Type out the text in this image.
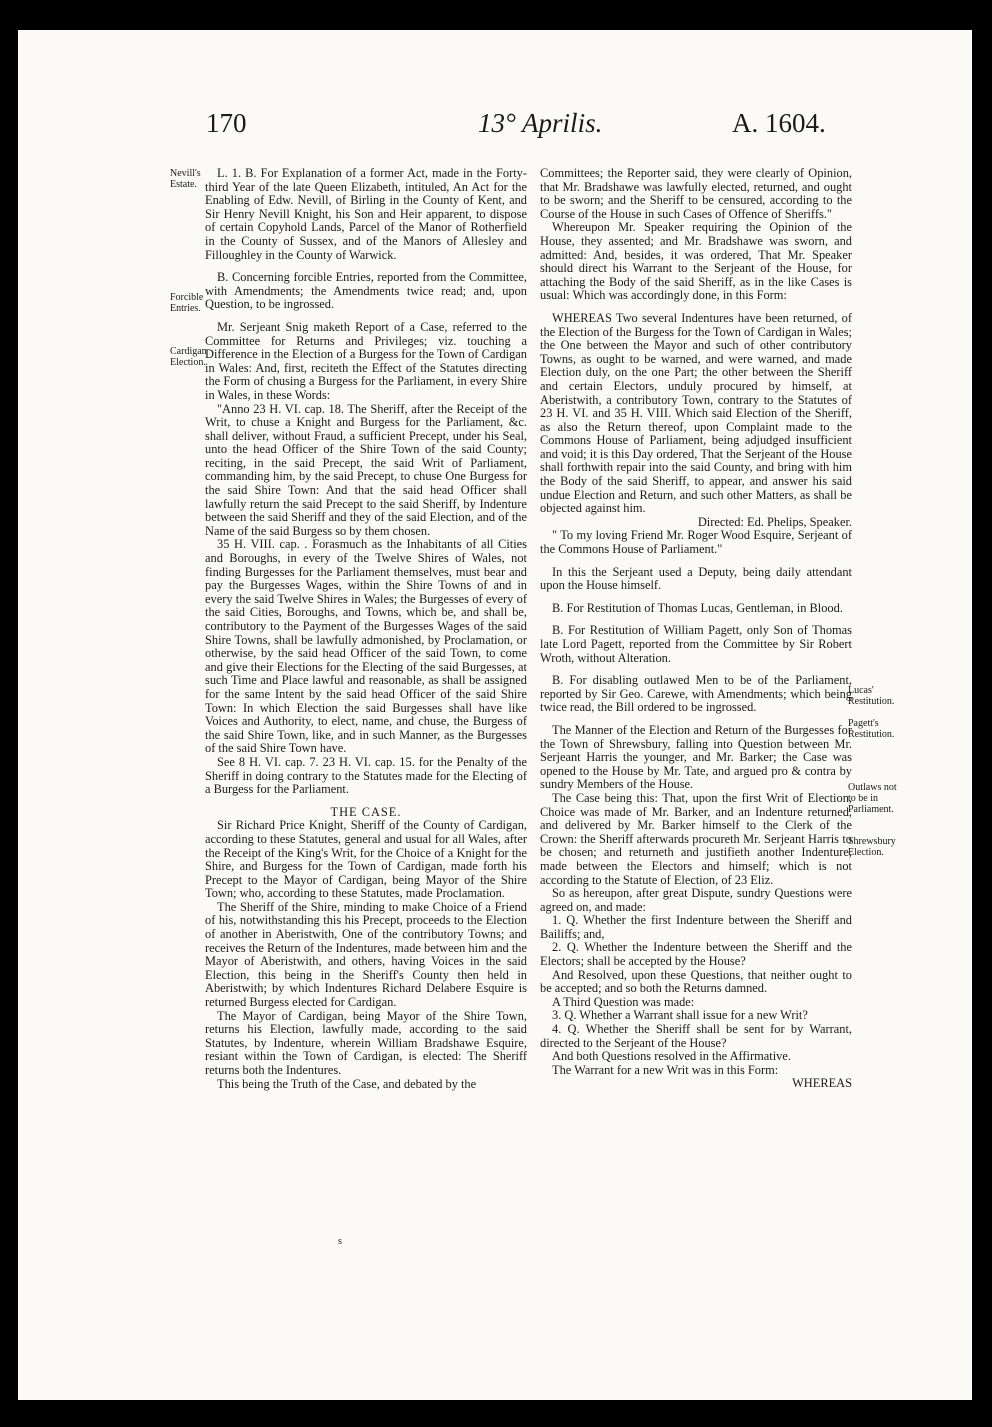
170	13° Aprilis.	A. 1604.
Nevill's Estate.
Forcible Entries.
Cardigan Election.
Lucas' Restitution.
Pagett's Restitution.
Outlaws not to be in Parliament.
Shrewsbury Election.

L. 1. B. For Explanation of a former Act, made in the Forty-third Year of the late Queen Elizabeth, intituled, An Act for the Enabling of Edw. Nevill, of Birling in the County of Kent, and Sir Henry Nevill Knight, his Son and Heir apparent, to dispose of certain Copyhold Lands, Parcel of the Manor of Rotherfield in the County of Sussex, and of the Manors of Allesley and Filloughley in the County of Warwick.

B. Concerning forcible Entries, reported from the Committee, with Amendments; the Amendments twice read; and, upon Question, to be ingrossed.

Mr. Serjeant Snig maketh Report of a Case, referred to the Committee for Returns and Privileges; viz. touching a Difference in the Election of a Burgess for the Town of Cardigan in Wales: And, first, reciteth the Effect of the Statutes directing the Form of chusing a Burgess for the Parliament, in every Shire in Wales, in these Words:

"Anno 23 H. VI. cap. 18. The Sheriff, after the Receipt of the Writ, to chuse a Knight and Burgess for the Parliament, &c. shall deliver, without Fraud, a sufficient Precept, under his Seal, unto the head Officer of the Shire Town of the said County; reciting, in the said Precept, the said Writ of Parliament, commanding him, by the said Precept, to chuse One Burgess for the said Shire Town: And that the said head Officer shall lawfully return the said Precept to the said Sheriff, by Indenture between the said Sheriff and they of the said Election, and of the Name of the said Burgess so by them chosen.

35 H. VIII. cap. . Forasmuch as the Inhabitants of all Cities and Boroughs, in every of the Twelve Shires of Wales, not finding Burgesses for the Parliament themselves, must bear and pay the Burgesses Wages, within the Shire Towns of and in every the said Twelve Shires in Wales; the Burgesses of every of the said Cities, Boroughs, and Towns, which be, and shall be, contributory to the Payment of the Burgesses Wages of the said Shire Towns, shall be lawfully admonished, by Proclamation, or otherwise, by the said head Officer of the said Town, to come and give their Elections for the Electing of the said Burgesses, at such Time and Place lawful and reasonable, as shall be assigned for the same Intent by the said head Officer of the said Shire Town: In which Election the said Burgesses shall have like Voices and Authority, to elect, name, and chuse, the Burgess of the said Shire Town, like, and in such Manner, as the Burgesses of the said Shire Town have.

See 8 H. VI. cap. 7. 23 H. VI. cap. 15. for the Penalty of the Sheriff in doing contrary to the Statutes made for the Electing of a Burgess for the Parliament.

THE CASE.

Sir Richard Price Knight, Sheriff of the County of Cardigan, according to these Statutes, general and usual for all Wales, after the Receipt of the King's Writ, for the Choice of a Knight for the Shire, and Burgess for the Town of Cardigan, made forth his Precept to the Mayor of Cardigan, being Mayor of the Shire Town; who, according to these Statutes, made Proclamation.

The Sheriff of the Shire, minding to make Choice of a Friend of his, notwithstanding this his Precept, proceeds to the Election of another in Aberistwith, One of the contributory Towns; and receives the Return of the Indentures, made between him and the Mayor of Aberistwith, and others, having Voices in the said Election, this being in the Sheriff's County then held in Aberistwith; by which Indentures Richard Delabere Esquire is returned Burgess elected for Cardigan.

The Mayor of Cardigan, being Mayor of the Shire Town, returns his Election, lawfully made, according to the said Statutes, by Indenture, wherein William Bradshawe Esquire, resiant within the Town of Cardigan, is elected: The Sheriff returns both the Indentures.

This being the Truth of the Case, and debated by the

Committees; the Reporter said, they were clearly of Opinion, that Mr. Bradshawe was lawfully elected, returned, and ought to be sworn; and the Sheriff to be censured, according to the Course of the House in such Cases of Offence of Sheriffs."

Whereupon Mr. Speaker requiring the Opinion of the House, they assented; and Mr. Bradshawe was sworn, and admitted: And, besides, it was ordered, That Mr. Speaker should direct his Warrant to the Serjeant of the House, for attaching the Body of the said Sheriff, as in the like Cases is usual: Which was accordingly done, in this Form:

WHEREAS Two several Indentures have been returned, of the Election of the Burgess for the Town of Cardigan in Wales; the One between the Mayor and such of other contributory Towns, as ought to be warned, and were warned, and made Election duly, on the one Part; the other between the Sheriff and certain Electors, unduly procured by himself, at Aberistwith, a contributory Town, contrary to the Statutes of 23 H. VI. and 35 H. VIII. Which said Election of the Sheriff, as also the Return thereof, upon Complaint made to the Commons House of Parliament, being adjudged insufficient and void; it is this Day ordered, That the Serjeant of the House shall forthwith repair into the said County, and bring with him the Body of the said Sheriff, to appear, and answer his said undue Election and Return, and such other Matters, as shall be objected against him.

Directed: Ed. Phelips, Speaker.

" To my loving Friend Mr. Roger Wood Esquire, Serjeant of the Commons House of Parliament."

In this the Serjeant used a Deputy, being daily attendant upon the House himself.

B. For Restitution of Thomas Lucas, Gentleman, in Blood.

B. For Restitution of William Pagett, only Son of Thomas late Lord Pagett, reported from the Committee by Sir Robert Wroth, without Alteration.

B. For disabling outlawed Men to be of the Parliament, reported by Sir Geo. Carewe, with Amendments; which being twice read, the Bill ordered to be ingrossed.

The Manner of the Election and Return of the Burgesses for the Town of Shrewsbury, falling into Question between Mr. Serjeant Harris the younger, and Mr. Barker; the Case was opened to the House by Mr. Tate, and argued pro & contra by sundry Members of the House.

The Case being this: That, upon the first Writ of Election, Choice was made of Mr. Barker, and an Indenture returned, and delivered by Mr. Barker himself to the Clerk of the Crown: the Sheriff afterwards procureth Mr. Serjeant Harris to be chosen; and returneth and justifieth another Indenture, made between the Electors and himself; which is not according to the Statute of Election, of 23 Eliz.

So as hereupon, after great Dispute, sundry Questions were agreed on, and made:

1. Q. Whether the first Indenture between the Sheriff and Bailiffs; and,

2. Q. Whether the Indenture between the Sheriff and the Electors; shall be accepted by the House?

And Resolved, upon these Questions, that neither ought to be accepted; and so both the Returns damned.

A Third Question was made:

3. Q. Whether a Warrant shall issue for a new Writ?

4. Q. Whether the Sheriff shall be sent for by Warrant, directed to the Serjeant of the House?

And both Questions resolved in the Affirmative.

The Warrant for a new Writ was in this Form:

WHEREAS

s
